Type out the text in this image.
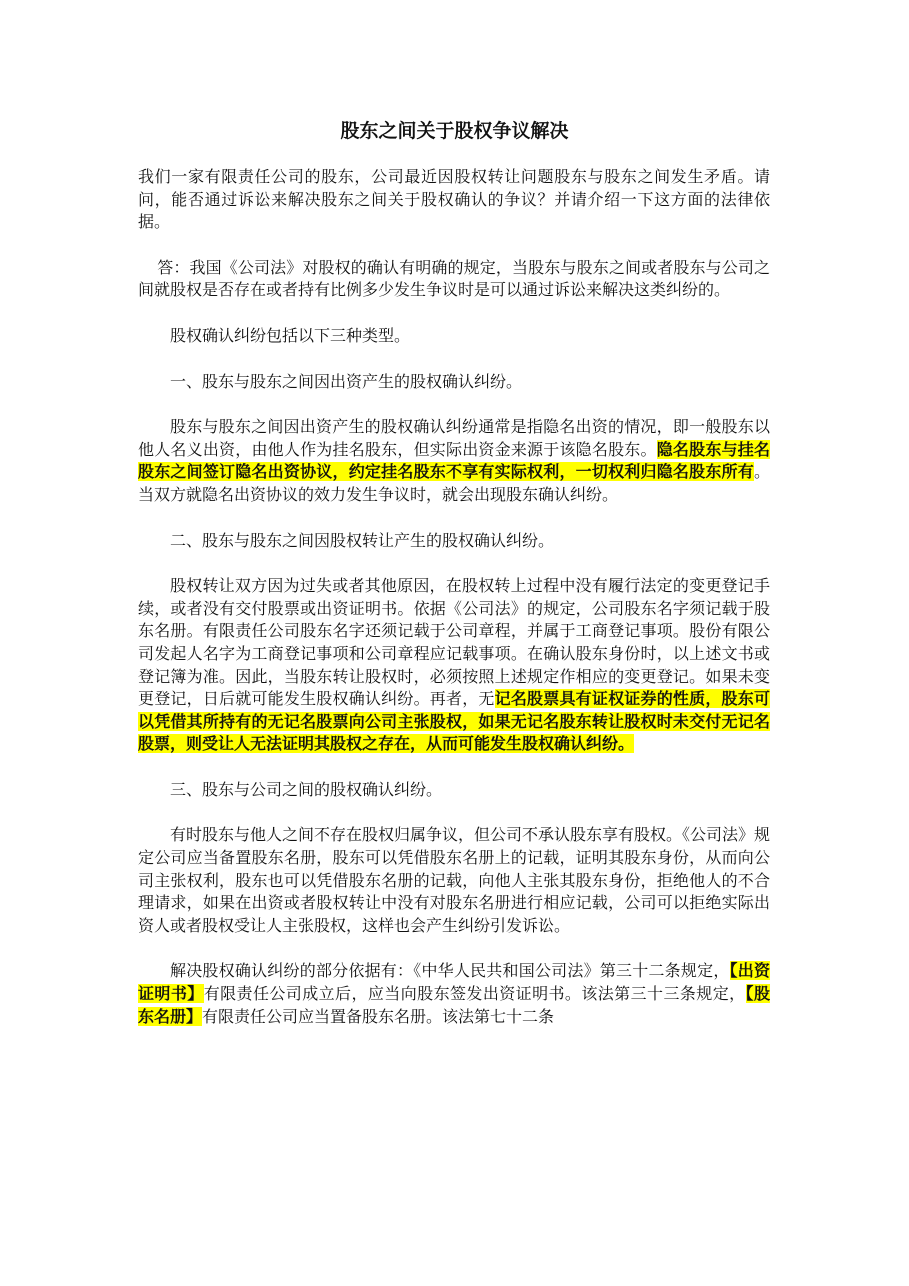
股东之间关于股权争议解决

我们一家有限责任公司的股东，公司最近因股权转让问题股东与股东之间发生矛盾。请问，能否通过诉讼来解决股东之间关于股权确认的争议？并请介绍一下这方面的法律依据。

答：我国《公司法》对股权的确认有明确的规定，当股东与股东之间或者股东与公司之间就股权是否存在或者持有比例多少发生争议时是可以通过诉讼来解决这类纠纷的。

股权确认纠纷包括以下三种类型。

一、股东与股东之间因出资产生的股权确认纠纷。

股东与股东之间因出资产生的股权确认纠纷通常是指隐名出资的情况，即一般股东以他人名义出资，由他人作为挂名股东，但实际出资金来源于该隐名股东。隐名股东与挂名股东之间签订隐名出资协议，约定挂名股东不享有实际权利，一切权利归隐名股东所有。当双方就隐名出资协议的效力发生争议时，就会出现股东确认纠纷。

二、股东与股东之间因股权转让产生的股权确认纠纷。

股权转让双方因为过失或者其他原因，在股权转上过程中没有履行法定的变更登记手续，或者没有交付股票或出资证明书。依据《公司法》的规定，公司股东名字须记载于股东名册。有限责任公司股东名字还须记载于公司章程，并属于工商登记事项。股份有限公司发起人名字为工商登记事项和公司章程应记载事项。在确认股东身份时，以上述文书或登记簿为准。因此，当股东转让股权时，必须按照上述规定作相应的变更登记。如果未变更登记，日后就可能发生股权确认纠纷。再者，无记名股票具有证权证券的性质，股东可以凭借其所持有的无记名股票向公司主张股权，如果无记名股东转让股权时未交付无记名股票，则受让人无法证明其股权之存在，从而可能发生股权确认纠纷。

三、股东与公司之间的股权确认纠纷。

有时股东与他人之间不存在股权归属争议，但公司不承认股东享有股权。《公司法》规定公司应当备置股东名册，股东可以凭借股东名册上的记载，证明其股东身份，从而向公司主张权利，股东也可以凭借股东名册的记载，向他人主张其股东身份，拒绝他人的不合理请求，如果在出资或者股权转让中没有对股东名册进行相应记载，公司可以拒绝实际出资人或者股权受让人主张股权，这样也会产生纠纷引发诉讼。

解决股权确认纠纷的部分依据有：《中华人民共和国公司法》第三十二条规定，【出资证明书】有限责任公司成立后，应当向股东签发出资证明书。该法第三十三条规定，【股东名册】有限责任公司应当置备股东名册。该法第七十二条
